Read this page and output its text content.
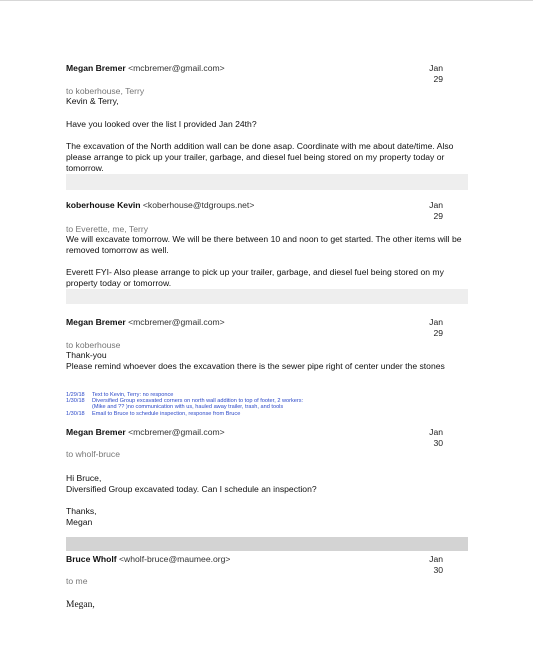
Megan Bremer <mcbremer@gmail.com>	Jan
29
to koberhouse, Terry
Kevin & Terry,
Have you looked over the list I provided Jan 24th?
The excavation of the North addition wall can be done asap. Coordinate with me about date/time. Also please arrange to pick up your trailer, garbage, and diesel fuel being stored on my property today or tomorrow.
koberhouse Kevin <koberhouse@tdgroups.net>	Jan
29
to Everette, me, Terry
We will excavate tomorrow. We will be there between 10 and noon to get started. The other items will be removed tomorrow as well.
Everett FYI- Also please arrange to pick up your trailer, garbage, and diesel fuel being stored on my property today or tomorrow.
Megan Bremer <mcbremer@gmail.com>	Jan
29
to koberhouse
Thank-you
Please remind whoever does the excavation there is the sewer pipe right of center under the stones
1/29/18 Text to Kevin, Terry: no responce
1/30/18 Diversified Group excavated corners on north wall addition to top of footer, 2 workers:
(Mike and ?? )no communication with us, hauled away trailer, trash, and tools
1/30/18 Email to Bruce to schedule inspection, response from Bruce
Megan Bremer <mcbremer@gmail.com>	Jan
30
to wholf-bruce
Hi Bruce,
Diversified Group excavated today. Can I schedule an inspection?
Thanks,
Megan
Bruce Wholf <wholf-bruce@maumee.org>	Jan
30
to me
Megan,
